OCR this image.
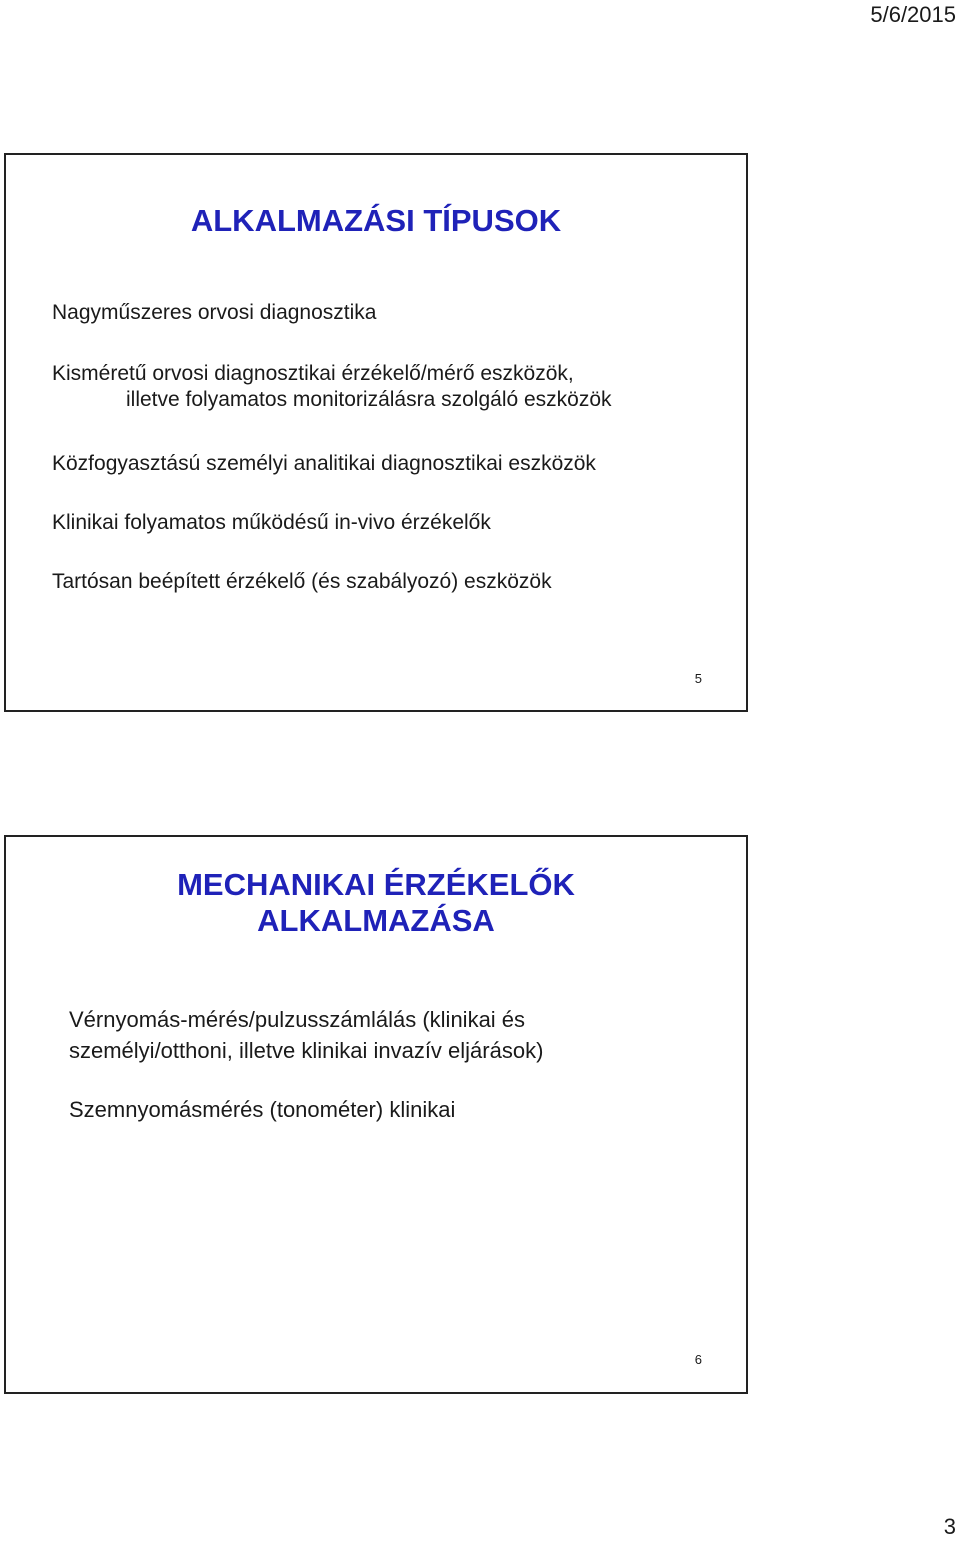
5/6/2015
ALKALMAZÁSI TÍPUSOK
Nagyműszeres orvosi diagnosztika
Kisméretű orvosi diagnosztikai érzékelő/mérő eszközök,
illetve folyamatos monitorizálásra szolgáló eszközök
Közfogyasztású személyi analitikai diagnosztikai eszközök
Klinikai folyamatos működésű in-vivo érzékelők
Tartósan beépített érzékelő (és szabályozó) eszközök
5
MECHANIKAI ÉRZÉKELŐK
ALKALMAZÁSA
Vérnyomás-mérés/pulzusszámlálás (klinikai és
személyi/otthoni, illetve klinikai invazív eljárások)
Szemnyomásmérés (tonométer) klinikai
6
3
